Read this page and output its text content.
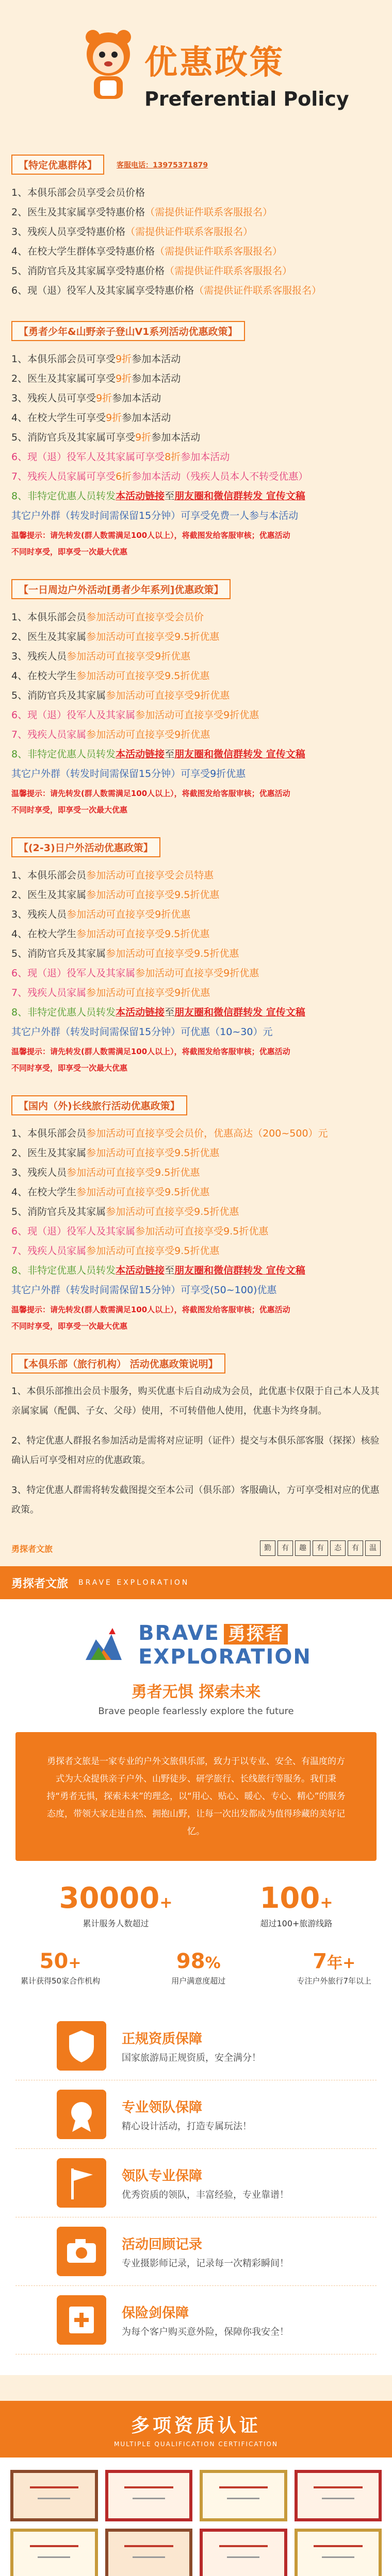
优惠政策
Preferential Policy
【特定优惠群体】	客服电话：13975371879
1、本俱乐部会员享受会员价格
2、医生及其家属享受特惠价格（需提供证件联系客服报名）
3、残疾人员享受特惠价格（需提供证件联系客服报名）
4、在校大学生群体享受特惠价格（需提供证件联系客服报名）
5、消防官兵及其家属享受特惠价格（需提供证件联系客服报名）
6、现（退）役军人及其家属享受特惠价格（需提供证件联系客服报名）
【勇者少年&山野亲子登山V1系列活动优惠政策】
1、本俱乐部会员可享受9折参加本活动
2、医生及其家属可享受9折参加本活动
3、残疾人员可享受9折参加本活动
4、在校大学生可享受9折参加本活动
5、消防官兵及其家属可享受9折参加本活动
6、现（退）役军人及其家属可享受8折参加本活动
7、残疾人员家属可享受6折参加本活动（残疾人员本人不转受优惠）
8、非特定优惠人员转发本活动链接至朋友圈和微信群转发 宣传文稿
其它户外群（转发时间需保留15分钟）可享受免费一人参与本活动
温馨提示：请先转发(群人数需满足100人以上），将截图发给客服审核；优惠活动
不同时享受，即享受一次最大优惠
【一日周边户外活动[勇者少年系列]优惠政策】
1、本俱乐部会员参加活动可直接享受会员价
2、医生及其家属参加活动可直接享受9.5折优惠
3、残疾人员参加活动可直接享受9折优惠
4、在校大学生参加活动可直接享受9.5折优惠
5、消防官兵及其家属参加活动可直接享受9折优惠
6、现（退）役军人及其家属参加活动可直接享受9折优惠
7、残疾人员家属参加活动可直接享受9折优惠
8、非特定优惠人员转发本活动链接至朋友圈和微信群转发 宣传文稿
其它户外群（转发时间需保留15分钟）可享受9折优惠
温馨提示：请先转发(群人数需满足100人以上），将截图发给客服审核；优惠活动
不同时享受，即享受一次最大优惠
【(2-3)日户外活动优惠政策】
1、本俱乐部会员参加活动可直接享受会员特惠
2、医生及其家属参加活动可直接享受9.5折优惠
3、残疾人员参加活动可直接享受9折优惠
4、在校大学生参加活动可直接享受9.5折优惠
5、消防官兵及其家属参加活动可直接享受9.5折优惠
6、现（退）役军人及其家属参加活动可直接享受9折优惠
7、残疾人员家属参加活动可直接享受9折优惠
8、非特定优惠人员转发本活动链接至朋友圈和微信群转发 宣传文稿
其它户外群（转发时间需保留15分钟）可优惠（10~30）元
温馨提示：请先转发(群人数需满足100人以上），将截图发给客服审核；优惠活动
不同时享受，即享受一次最大优惠
【国内（外)长线旅行活动优惠政策】
1、本俱乐部会员参加活动可直接享受会员价，优惠高达（200~500）元
2、医生及其家属参加活动可直接享受9.5折优惠
3、残疾人员参加活动可直接享受9.5折优惠
4、在校大学生参加活动可直接享受9.5折优惠
5、消防官兵及其家属参加活动可直接享受9.5折优惠
6、现（退）役军人及其家属参加活动可直接享受9.5折优惠
7、残疾人员家属参加活动可直接享受9.5折优惠
8、非特定优惠人员转发本活动链接至朋友圈和微信群转发 宣传文稿
其它户外群（转发时间需保留15分钟）可享受(50~100)优惠
温馨提示：请先转发(群人数需满足100人以上），将截图发给客服审核；优惠活动
不同时享受，即享受一次最大优惠
【本俱乐部（旅行机构） 活动优惠政策说明】

1、本俱乐部推出会员卡服务，购买优惠卡后自动成为会员，此优惠卡仅限于自己本人及其亲属家属（配偶、子女、父母）使用，不可转借他人使用，优惠卡为终身制。

2、特定优惠人群报名参加活动是需将对应证明（证件）提交与本俱乐部客服（探探）核验确认后可享受相对应的优惠政策。

3、特定优惠人群需将转发截图提交至本公司（俱乐部）客服确认，方可享受相对应的优惠政策。

勇探者文旅	勤	有	趣	有	态	有	温
勇探者文旅 BRAVE EXPLORATION
BRAVE 勇探者
EXPLORATION
勇者无惧 探索未来
Brave people fearlessly explore the future
勇探者文旅是一家专业的户外文旅俱乐部，致力于以专业、安全、有温度的方式为大众提供亲子户外、山野徒步、研学旅行、长线旅行等服务。我们秉持“勇者无惧，探索未来”的理念，以“用心、贴心、暖心、专心、精心”的服务态度，带领大家走进自然、拥抱山野，让每一次出发都成为值得珍藏的美好记忆。
30000+
累计服务人数超过
100+
超过100+旅游线路
50+
累计获得50家合作机构
98%
用户满意度超过
7年+
专注户外旅行7年以上
正规资质保障
国家旅游局正规资质，安全满分！
专业领队保障
精心设计活动，打造专属玩法！
领队专业保障
优秀资质的领队，丰富经验，专业靠谱！
活动回顾记录
专业摄影师记录，记录每一次精彩瞬间！
保险剑保障
为每个客户购买意外险，保障你我安全！
多项资质认证
MULTIPLE QUALIFICATION CERTIFICATION
